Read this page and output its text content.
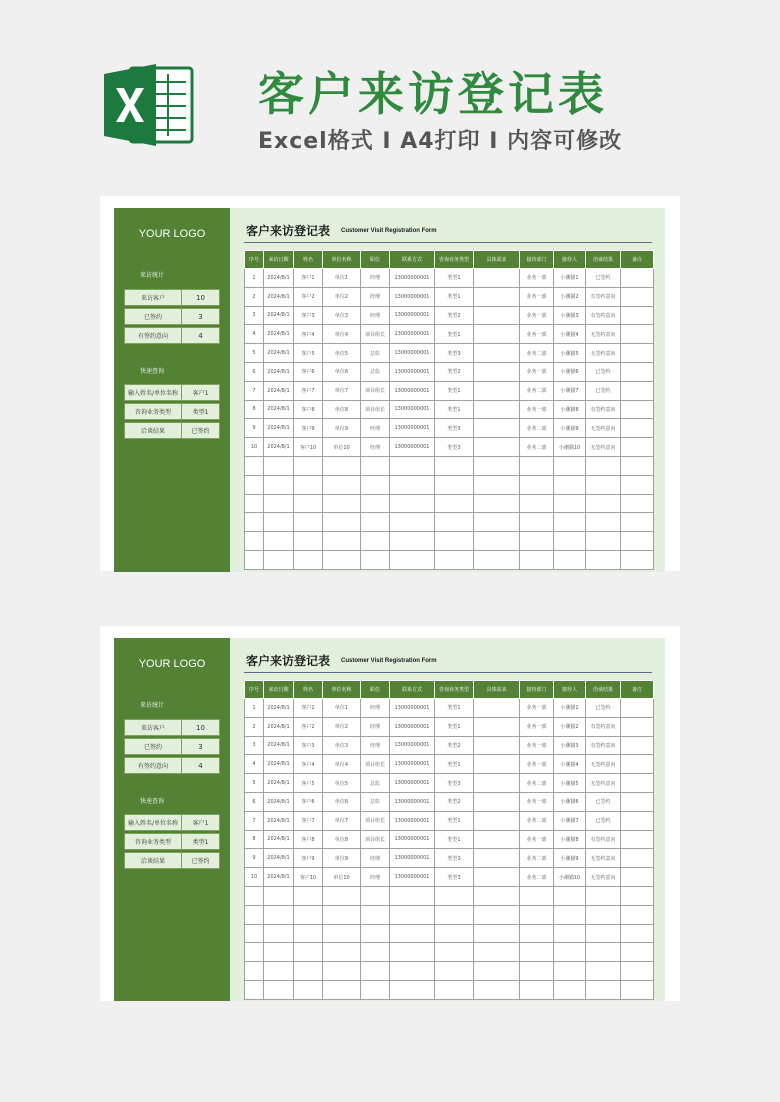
客户来访登记表
Excel格式 I A4打印 I 内容可修改
YOUR LOGO
来访统计
来访客户	10
已签约	3
有签约意向	4
快速查询
输入姓名/单位名称	客户1
咨询业务类型	类型1
洽谈结果	已签约
客户来访登记表 Customer Visit Registration Form
序号	来访日期	姓名	单位名称	职位	联系方式	咨询业务类型	具体需求	接待部门	接待人	洽谈结果	备注
1	2024/8/1	客户1	单位1	经理	13000000001	类型1		业务一部	小潮猫1	已签约	
2	2024/8/1	客户2	单位2	经理	13000000001	类型1		业务一部	小潮猫2	有签约意向	
3	2024/8/1	客户3	单位3	经理	13000000001	类型2		业务一部	小潮猫3	有签约意向	
4	2024/8/1	客户4	单位4	项目组长	13000000001	类型1		业务一部	小潮猫4	无签约意向	
5	2024/8/1	客户5	单位5	总监	13000000001	类型3		业务二部	小潮猫5	无签约意向	
6	2024/8/1	客户6	单位6	总监	13000000001	类型2		业务一部	小潮猫6	已签约	
7	2024/8/1	客户7	单位7	项目组长	13000000001	类型1		业务二部	小潮猫7	已签约	
8	2024/8/1	客户8	单位8	项目组长	13000000001	类型1		业务一部	小潮猫8	有签约意向	
9	2024/8/1	客户9	单位9	经理	13000000001	类型3		业务二部	小潮猫9	无签约意向	
10	2024/8/1	客户10	单位10	经理	13000000001	类型3		业务二部	小潮猫10	无签约意向	

YOUR LOGO
来访统计
来访客户	10
已签约	3
有签约意向	4
快速查询
输入姓名/单位名称	客户1
咨询业务类型	类型1
洽谈结果	已签约
客户来访登记表 Customer Visit Registration Form
序号	来访日期	姓名	单位名称	职位	联系方式	咨询业务类型	具体需求	接待部门	接待人	洽谈结果	备注
1	2024/8/1	客户1	单位1	经理	13000000001	类型1		业务一部	小潮猫1	已签约	
2	2024/8/1	客户2	单位2	经理	13000000001	类型1		业务一部	小潮猫2	有签约意向	
3	2024/8/1	客户3	单位3	经理	13000000001	类型2		业务一部	小潮猫3	有签约意向	
4	2024/8/1	客户4	单位4	项目组长	13000000001	类型1		业务一部	小潮猫4	无签约意向	
5	2024/8/1	客户5	单位5	总监	13000000001	类型3		业务二部	小潮猫5	无签约意向	
6	2024/8/1	客户6	单位6	总监	13000000001	类型2		业务一部	小潮猫6	已签约	
7	2024/8/1	客户7	单位7	项目组长	13000000001	类型1		业务二部	小潮猫7	已签约	
8	2024/8/1	客户8	单位8	项目组长	13000000001	类型1		业务一部	小潮猫8	有签约意向	
9	2024/8/1	客户9	单位9	经理	13000000001	类型3		业务二部	小潮猫9	无签约意向	
10	2024/8/1	客户10	单位10	经理	13000000001	类型3		业务二部	小潮猫10	无签约意向	
